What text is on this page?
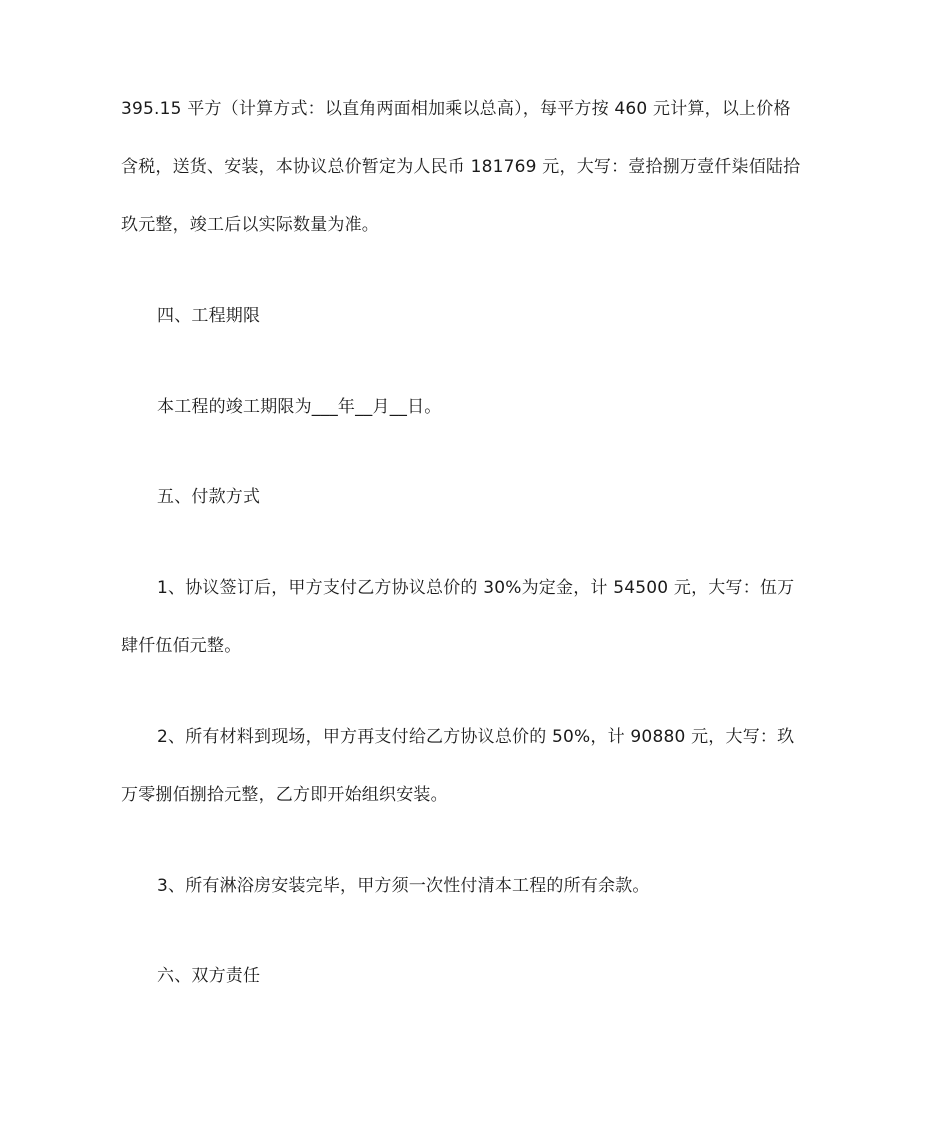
395.15 平方（计算方式：以直角两面相加乘以总高），每平方按 460 元计算，以上价格
含税，送货、安装，本协议总价暂定为人民币 181769 元，大写：壹拾捌万壹仟柒佰陆拾
玖元整，竣工后以实际数量为准。
四、工程期限
本工程的竣工期限为___年__月__日。
五、付款方式
1、协议签订后，甲方支付乙方协议总价的 30%为定金，计 54500 元，大写：伍万
肆仟伍佰元整。
2、所有材料到现场，甲方再支付给乙方协议总价的 50%，计 90880 元，大写：玖
万零捌佰捌拾元整，乙方即开始组织安装。
3、所有淋浴房安装完毕，甲方须一次性付清本工程的所有余款。
六、双方责任
